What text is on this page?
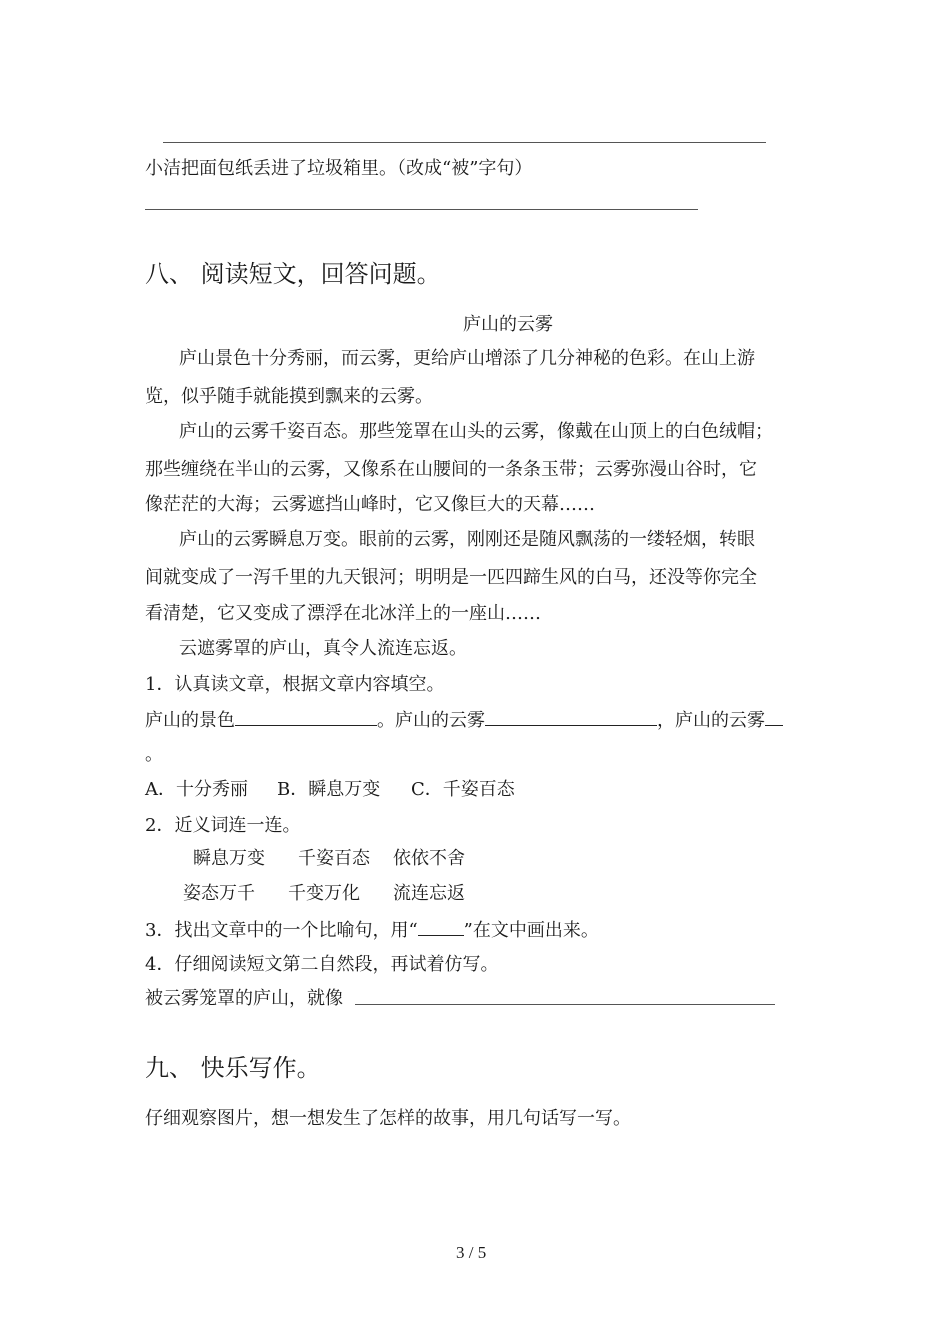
小洁把面包纸丢进了垃圾箱里。（改成“被”字句）
八、 阅读短文，回答问题。
庐山的云雾
庐山景色十分秀丽，而云雾，更给庐山增添了几分神秘的色彩。在山上游
览，似乎随手就能摸到飘来的云雾。
庐山的云雾千姿百态。那些笼罩在山头的云雾，像戴在山顶上的白色绒帽；
那些缠绕在半山的云雾，又像系在山腰间的一条条玉带；云雾弥漫山谷时，它
像茫茫的大海；云雾遮挡山峰时，它又像巨大的天幕……
庐山的云雾瞬息万变。眼前的云雾，刚刚还是随风飘荡的一缕轻烟，转眼
间就变成了一泻千里的九天银河；明明是一匹四蹄生风的白马，还没等你完全
看清楚，它又变成了漂浮在北冰洋上的一座山……
云遮雾罩的庐山，真令人流连忘返。
1．认真读文章，根据文章内容填空。
庐山的景色	。庐山的云雾	，庐山的云雾
。
A．十分秀丽 B．瞬息万变 C．千姿百态
2．近义词连一连。
瞬息万变 千姿百态 依依不舍
姿态万千 千变万化 流连忘返
3．找出文章中的一个比喻句，用“	”在文中画出来。
4．仔细阅读短文第二自然段，再试着仿写。
被云雾笼罩的庐山，就像
九、 快乐写作。
仔细观察图片，想一想发生了怎样的故事，用几句话写一写。
3 / 5
